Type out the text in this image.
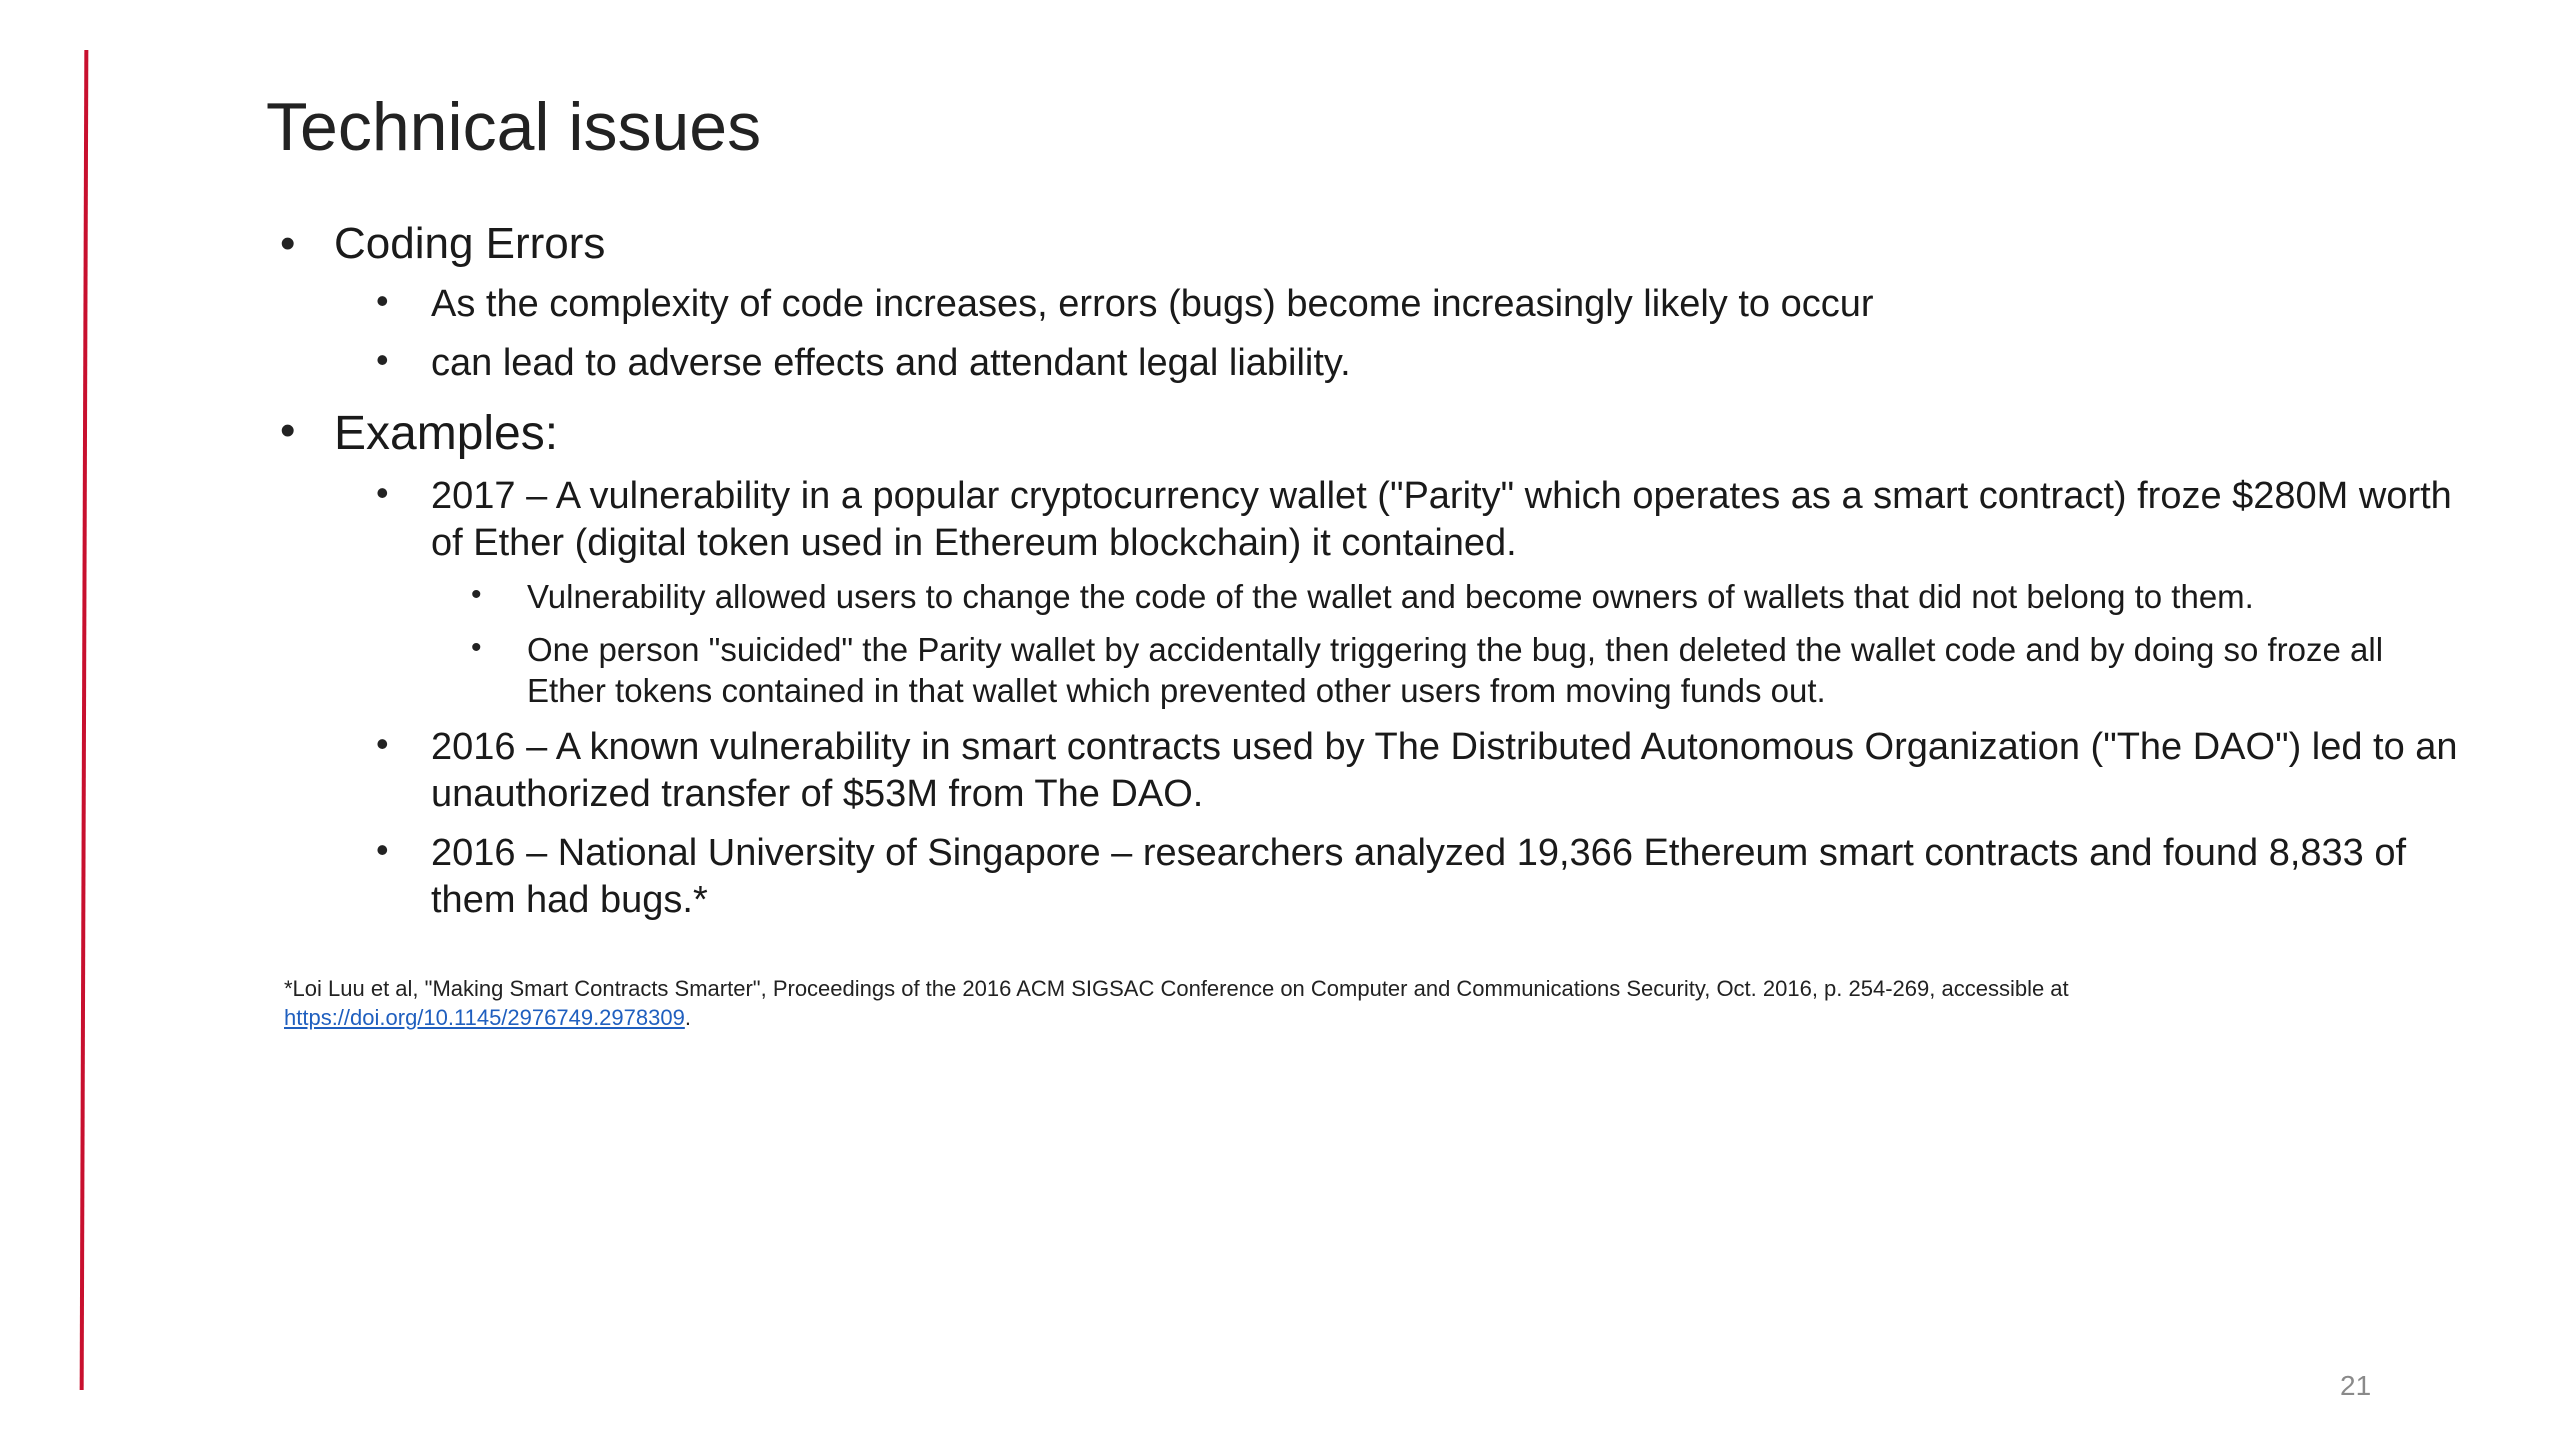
Technical issues
• Coding Errors
• As the complexity of code increases, errors (bugs) become increasingly likely to occur
• can lead to adverse effects and attendant legal liability.
• Examples:
• 2017 – A vulnerability in a popular cryptocurrency wallet ("Parity" which operates as a smart contract) froze $280M worth of Ether (digital token used in Ethereum blockchain) it contained.
• Vulnerability allowed users to change the code of the wallet and become owners of wallets that did not belong to them.
• One person "suicided" the Parity wallet by accidentally triggering the bug, then deleted the wallet code and by doing so froze all Ether tokens contained in that wallet which prevented other users from moving funds out.
• 2016 – A known vulnerability in smart contracts used by The Distributed Autonomous Organization ("The DAO") led to an unauthorized transfer of $53M from The DAO.
• 2016 – National University of Singapore – researchers analyzed 19,366 Ethereum smart contracts and found 8,833 of them had bugs.*
*Loi Luu et al, "Making Smart Contracts Smarter", Proceedings of the 2016 ACM SIGSAC Conference on Computer and Communications Security, Oct. 2016, p. 254-269, accessible at
https://doi.org/10.1145/2976749.2978309.
21
